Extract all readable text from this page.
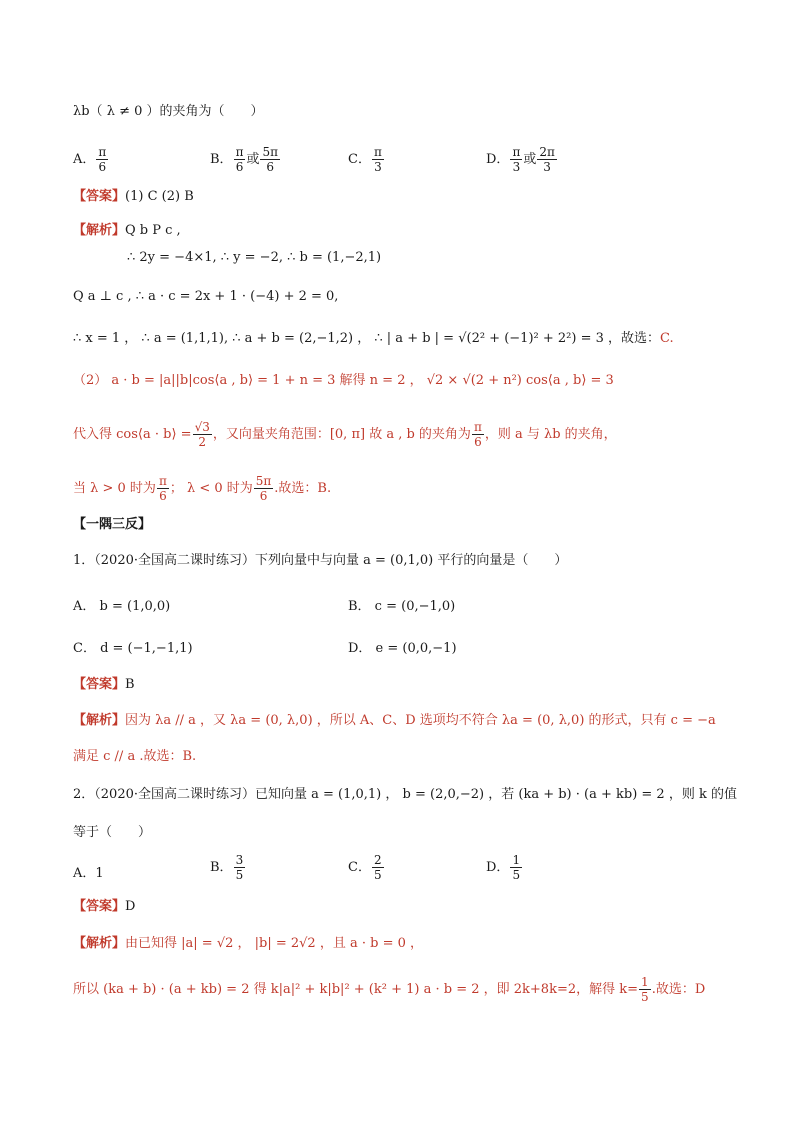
λb（ λ ≠ 0 ）的夹角为（　　）
A． $\frac{\pi}{6}$	B． $\frac{\pi}{6}$ 或 $\frac{5\pi}{6}$	C． $\frac{\pi}{3}$	D． $\frac{\pi}{3}$ 或 $\frac{2\pi}{3}$
【答案】(1) C (2) B
【解析】Q b P c ,
∴ 2y = −4×1, ∴ y = −2, ∴ b = (1,−2,1)
Q a ⊥ c , ∴ a · c = 2x + 1 · (−4) + 2 = 0,
∴ x = 1 ， ∴ a = (1,1,1), ∴ a + b = (2,−1,2) ， ∴ | a + b | = √(2² + (−1)² + 2²) = 3 ，故选：C.
（2） a · b = |a||b|cos⟨a , b⟩ = 1 + n = 3 解得 n = 2 ， √2 × √(2 + n²) cos⟨a , b⟩ = 3
代入得 cos⟨a · b⟩ = $\frac{√3}{2}$ ，又向量夹角范围：[0, π] 故 a , b 的夹角为 $\frac{\pi}{6}$ ，则 a 与 λb 的夹角，
当 λ > 0 时为 $\frac{\pi}{6}$ ； λ < 0 时为 $\frac{5\pi}{6}$ .故选：B.
【一隅三反】
1．（2020·全国高二课时练习）下列向量中与向量 a = (0,1,0) 平行的向量是（　　）
A． b = (1,0,0)	B． c = (0,−1,0)
C． d = (−1,−1,1)	D． e = (0,0,−1)
【答案】B
【解析】因为 λa // a ，又 λa = (0, λ,0) ，所以 A、C、D 选项均不符合 λa = (0, λ,0) 的形式，只有 c = −a
满足 c // a .故选：B.
2．（2020·全国高二课时练习）已知向量 a = (1,0,1) ， b = (2,0,−2) ，若 (ka + b) · (a + kb) = 2 ，则 k 的值
等于（　　）
A．1	B． $\frac{3}{5}$	C． $\frac{2}{5}$	D． $\frac{1}{5}$
【答案】D
【解析】由已知得 |a| = √2 ， |b| = 2√2 ，且 a · b = 0 ，
所以 (ka + b) · (a + kb) = 2 得 k|a|² + k|b|² + (k² + 1) a · b = 2 ，即 2k+8k=2，解得 $k= \frac{1}{5}$ .故选：D
